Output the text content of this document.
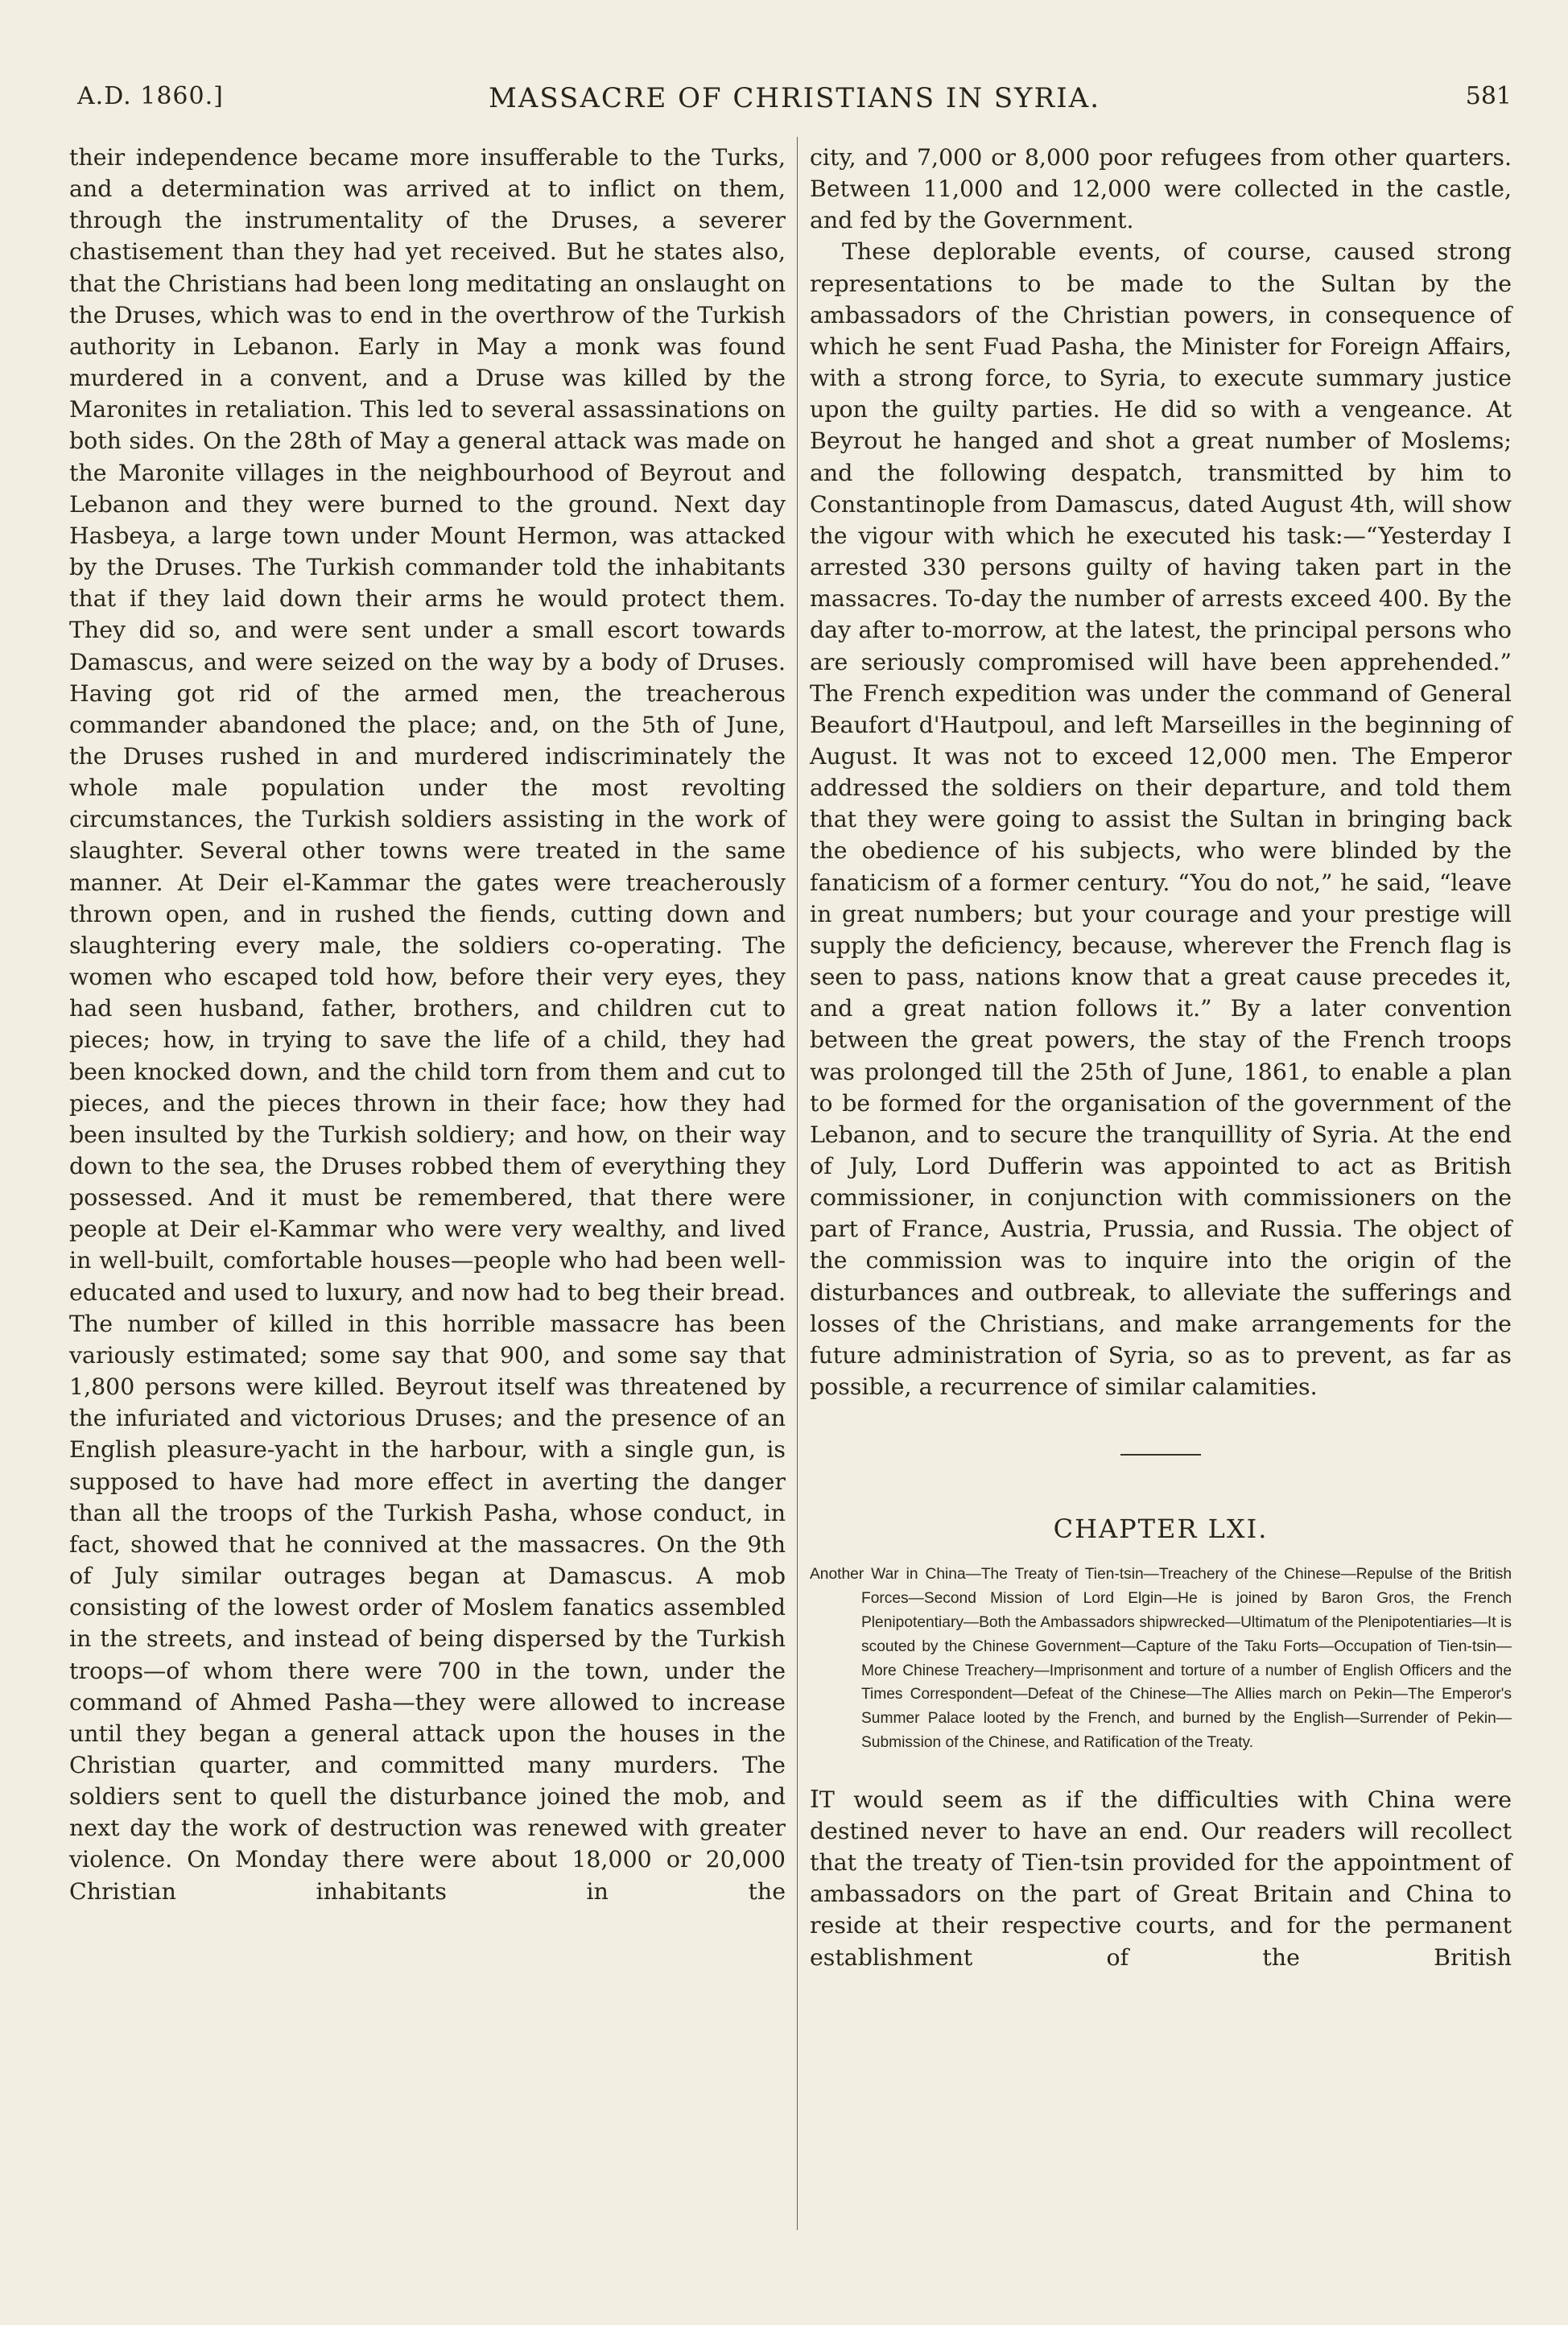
A.D. 1860.]	MASSACRE OF CHRISTIANS IN SYRIA.	581

their independence became more insufferable to the Turks, and a determination was arrived at to inflict on them, through the instrumentality of the Druses, a severer chastisement than they had yet received. But he states also, that the Christians had been long meditating an onslaught on the Druses, which was to end in the overthrow of the Turkish authority in Lebanon. Early in May a monk was found murdered in a convent, and a Druse was killed by the Maronites in retaliation. This led to several assassinations on both sides. On the 28th of May a general attack was made on the Maronite villages in the neighbourhood of Beyrout and Lebanon and they were burned to the ground. Next day Hasbeya, a large town under Mount Hermon, was attacked by the Druses. The Turkish commander told the inhabitants that if they laid down their arms he would protect them. They did so, and were sent under a small escort towards Damascus, and were seized on the way by a body of Druses. Having got rid of the armed men, the treacherous commander abandoned the place; and, on the 5th of June, the Druses rushed in and murdered indiscriminately the whole male population under the most revolting circumstances, the Turkish soldiers assisting in the work of slaughter. Several other towns were treated in the same manner. At Deir el-Kammar the gates were treacherously thrown open, and in rushed the fiends, cutting down and slaughtering every male, the soldiers co-operating. The women who escaped told how, before their very eyes, they had seen husband, father, brothers, and children cut to pieces; how, in trying to save the life of a child, they had been knocked down, and the child torn from them and cut to pieces, and the pieces thrown in their face; how they had been insulted by the Turkish soldiery; and how, on their way down to the sea, the Druses robbed them of everything they possessed. And it must be remembered, that there were people at Deir el-Kammar who were very wealthy, and lived in well-built, comfortable houses—people who had been well-educated and used to luxury, and now had to beg their bread. The number of killed in this horrible massacre has been variously estimated; some say that 900, and some say that 1,800 persons were killed. Beyrout itself was threatened by the infuriated and victorious Druses; and the presence of an English pleasure-yacht in the harbour, with a single gun, is supposed to have had more effect in averting the danger than all the troops of the Turkish Pasha, whose conduct, in fact, showed that he connived at the massacres. On the 9th of July similar outrages began at Damascus. A mob consisting of the lowest order of Moslem fanatics assembled in the streets, and instead of being dispersed by the Turkish troops—of whom there were 700 in the town, under the command of Ahmed Pasha—they were allowed to increase until they began a general attack upon the houses in the Christian quarter, and committed many murders. The soldiers sent to quell the disturbance joined the mob, and next day the work of destruction was renewed with greater violence. On Monday there were about 18,000 or 20,000 Christian inhabitants in the

city, and 7,000 or 8,000 poor refugees from other quarters. Between 11,000 and 12,000 were collected in the castle, and fed by the Government.

These deplorable events, of course, caused strong representations to be made to the Sultan by the ambassadors of the Christian powers, in consequence of which he sent Fuad Pasha, the Minister for Foreign Affairs, with a strong force, to Syria, to execute summary justice upon the guilty parties. He did so with a vengeance. At Beyrout he hanged and shot a great number of Moslems; and the following despatch, transmitted by him to Constantinople from Damascus, dated August 4th, will show the vigour with which he executed his task:—“Yesterday I arrested 330 persons guilty of having taken part in the massacres. To-day the number of arrests exceed 400. By the day after to-morrow, at the latest, the principal persons who are seriously compromised will have been apprehended.” The French expedition was under the command of General Beaufort d'Hautpoul, and left Marseilles in the beginning of August. It was not to exceed 12,000 men. The Emperor addressed the soldiers on their departure, and told them that they were going to assist the Sultan in bringing back the obedience of his subjects, who were blinded by the fanaticism of a former century. “You do not,” he said, “leave in great numbers; but your courage and your prestige will supply the deficiency, because, wherever the French flag is seen to pass, nations know that a great cause precedes it, and a great nation follows it.” By a later convention between the great powers, the stay of the French troops was prolonged till the 25th of June, 1861, to enable a plan to be formed for the organisation of the government of the Lebanon, and to secure the tranquillity of Syria. At the end of July, Lord Dufferin was appointed to act as British commissioner, in conjunction with commissioners on the part of France, Austria, Prussia, and Russia. The object of the commission was to inquire into the origin of the disturbances and outbreak, to alleviate the sufferings and losses of the Christians, and make arrangements for the future administration of Syria, so as to prevent, as far as possible, a recurrence of similar calamities.

CHAPTER LXI.
Another War in China—The Treaty of Tien-tsin—Treachery of the Chinese—Repulse of the British Forces—Second Mission of Lord Elgin—He is joined by Baron Gros, the French Plenipotentiary—Both the Ambassadors shipwrecked—Ultimatum of the Plenipotentiaries—It is scouted by the Chinese Government—Capture of the Taku Forts—Occupation of Tien-tsin—More Chinese Treachery—Imprisonment and torture of a number of English Officers and the Times Correspondent—Defeat of the Chinese—The Allies march on Pekin—The Emperor's Summer Palace looted by the French, and burned by the English—Surrender of Pekin—Submission of the Chinese, and Ratification of the Treaty.

IT would seem as if the difficulties with China were destined never to have an end. Our readers will recollect that the treaty of Tien-tsin provided for the appointment of ambassadors on the part of Great Britain and China to reside at their respective courts, and for the permanent establishment of the British
